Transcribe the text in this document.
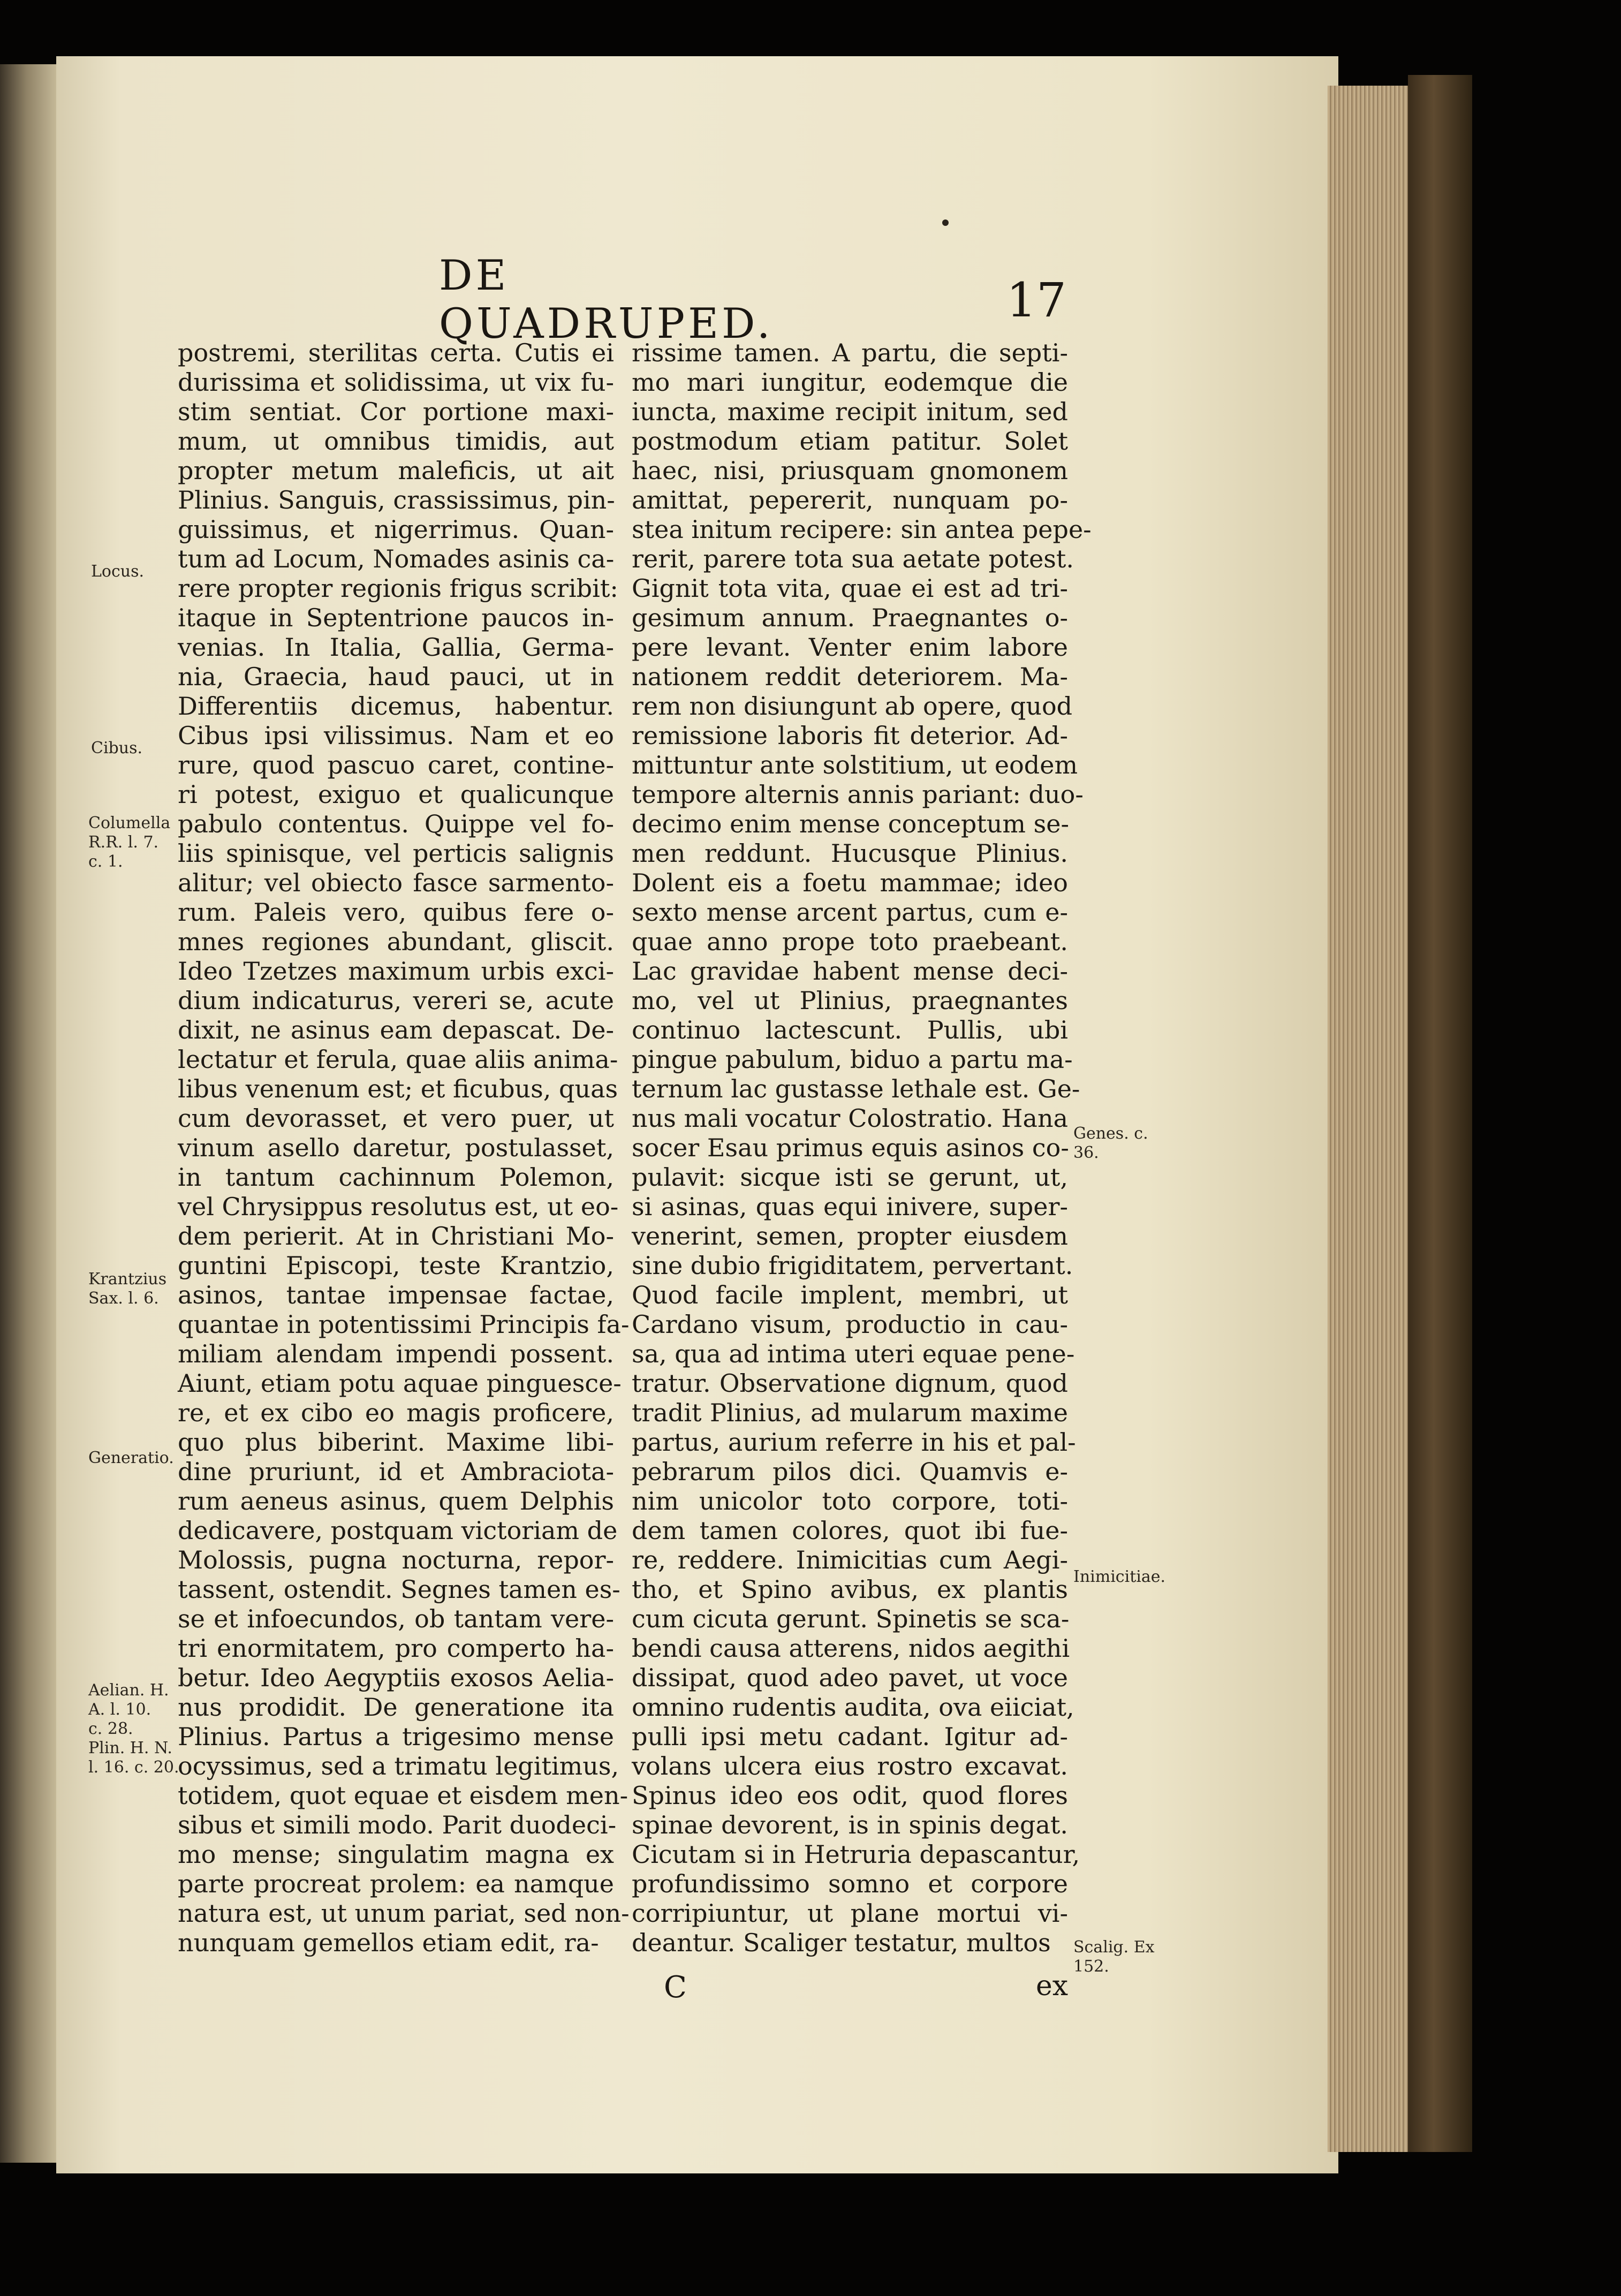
DE QUADRUPED.	17
postremi, sterilitas certa. Cutis ei
durissima et solidissima, ut vix fu-
stim sentiat. Cor portione maxi-
mum, ut omnibus timidis, aut
propter metum maleficis, ut ait
Plinius. Sanguis, crassissimus, pin-
guissimus, et nigerrimus. Quan-
tum ad Locum, Nomades asinis ca-
rere propter regionis frigus scribit:
itaque in Septentrione paucos in-
venias. In Italia, Gallia, Germa-
nia, Graecia, haud pauci, ut in
Differentiis dicemus, habentur.
Cibus ipsi vilissimus. Nam et eo
rure, quod pascuo caret, contine-
ri potest, exiguo et qualicunque
pabulo contentus. Quippe vel fo-
liis spinisque, vel perticis salignis
alitur; vel obiecto fasce sarmento-
rum. Paleis vero, quibus fere o-
mnes regiones abundant, gliscit.
Ideo Tzetzes maximum urbis exci-
dium indicaturus, vereri se, acute
dixit, ne asinus eam depascat. De-
lectatur et ferula, quae aliis anima-
libus venenum est; et ficubus, quas
cum devorasset, et vero puer, ut
vinum asello daretur, postulasset,
in tantum cachinnum Polemon,
vel Chrysippus resolutus est, ut eo-
dem perierit. At in Christiani Mo-
guntini Episcopi, teste Krantzio,
asinos, tantae impensae factae,
quantae in potentissimi Principis fa-
miliam alendam impendi possent.
Aiunt, etiam potu aquae pinguesce-
re, et ex cibo eo magis proficere,
quo plus biberint. Maxime libi-
dine pruriunt, id et Ambraciota-
rum aeneus asinus, quem Delphis
dedicavere, postquam victoriam de
Molossis, pugna nocturna, repor-
tassent, ostendit. Segnes tamen es-
se et infoecundos, ob tantam vere-
tri enormitatem, pro comperto ha-
betur. Ideo Aegyptiis exosos Aelia-
nus prodidit. De generatione ita
Plinius. Partus a trigesimo mense
ocyssimus, sed a trimatu legitimus,
totidem, quot equae et eisdem men-
sibus et simili modo. Parit duodeci-
mo mense; singulatim magna ex
parte procreat prolem: ea namque
natura est, ut unum pariat, sed non-
nunquam gemellos etiam edit, ra-
rissime tamen. A partu, die septi-
mo mari iungitur, eodemque die
iuncta, maxime recipit initum, sed
postmodum etiam patitur. Solet
haec, nisi, priusquam gnomonem
amittat, pepererit, nunquam po-
stea initum recipere: sin antea pepe-
rerit, parere tota sua aetate potest.
Gignit tota vita, quae ei est ad tri-
gesimum annum. Praegnantes o-
pere levant. Venter enim labore
nationem reddit deteriorem. Ma-
rem non disiungunt ab opere, quod
remissione laboris fit deterior. Ad-
mittuntur ante solstitium, ut eodem
tempore alternis annis pariant: duo-
decimo enim mense conceptum se-
men reddunt. Hucusque Plinius.
Dolent eis a foetu mammae; ideo
sexto mense arcent partus, cum e-
quae anno prope toto praebeant.
Lac gravidae habent mense deci-
mo, vel ut Plinius, praegnantes
continuo lactescunt. Pullis, ubi
pingue pabulum, biduo a partu ma-
ternum lac gustasse lethale est. Ge-
nus mali vocatur Colostratio. Hana
socer Esau primus equis asinos co-
pulavit: sicque isti se gerunt, ut,
si asinas, quas equi inivere, super-
venerint, semen, propter eiusdem
sine dubio frigiditatem, pervertant.
Quod facile implent, membri, ut
Cardano visum, productio in cau-
sa, qua ad intima uteri equae pene-
tratur. Observatione dignum, quod
tradit Plinius, ad mularum maxime
partus, aurium referre in his et pal-
pebrarum pilos dici. Quamvis e-
nim unicolor toto corpore, toti-
dem tamen colores, quot ibi fue-
re, reddere. Inimicitias cum Aegi-
tho, et Spino avibus, ex plantis
cum cicuta gerunt. Spinetis se sca-
bendi causa atterens, nidos aegithi
dissipat, quod adeo pavet, ut voce
omnino rudentis audita, ova eiiciat,
pulli ipsi metu cadant. Igitur ad-
volans ulcera eius rostro excavat.
Spinus ideo eos odit, quod flores
spinae devorent, is in spinis degat.
Cicutam si in Hetruria depascantur,
profundissimo somno et corpore
corripiuntur, ut plane mortui vi-
deantur. Scaliger testatur, multos
Locus.
Cibus.
Columella
R.R. l. 7.
c. 1.
Krantzius
Sax. l. 6.
Generatio.
Aelian. H.
A. l. 10.
c. 28.
Plin. H. N.
l. 16. c. 20.
Genes. c.
36.
Inimicitiae.
Scalig. Ex
152.
C	ex
